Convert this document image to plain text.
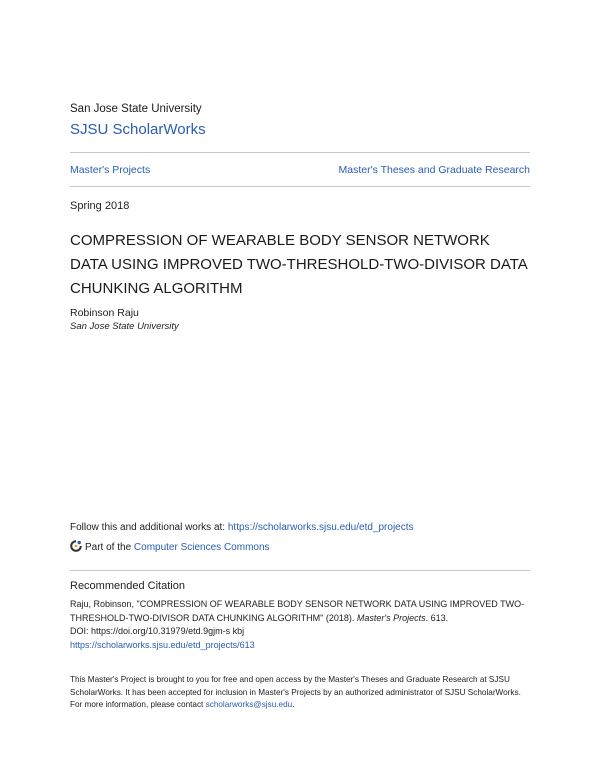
San Jose State University
SJSU ScholarWorks
Master's Projects	Master's Theses and Graduate Research
Spring 2018
COMPRESSION OF WEARABLE BODY SENSOR NETWORK DATA USING IMPROVED TWO-THRESHOLD-TWO-DIVISOR DATA CHUNKING ALGORITHM
Robinson Raju
San Jose State University
Follow this and additional works at: https://scholarworks.sjsu.edu/etd_projects
Part of the Computer Sciences Commons
Recommended Citation
Raju, Robinson, "COMPRESSION OF WEARABLE BODY SENSOR NETWORK DATA USING IMPROVED TWO-THRESHOLD-TWO-DIVISOR DATA CHUNKING ALGORITHM" (2018). Master's Projects. 613.
DOI: https://doi.org/10.31979/etd.9gjm-s kbj
https://scholarworks.sjsu.edu/etd_projects/613
This Master's Project is brought to you for free and open access by the Master's Theses and Graduate Research at SJSU ScholarWorks. It has been accepted for inclusion in Master's Projects by an authorized administrator of SJSU ScholarWorks. For more information, please contact scholarworks@sjsu.edu.
